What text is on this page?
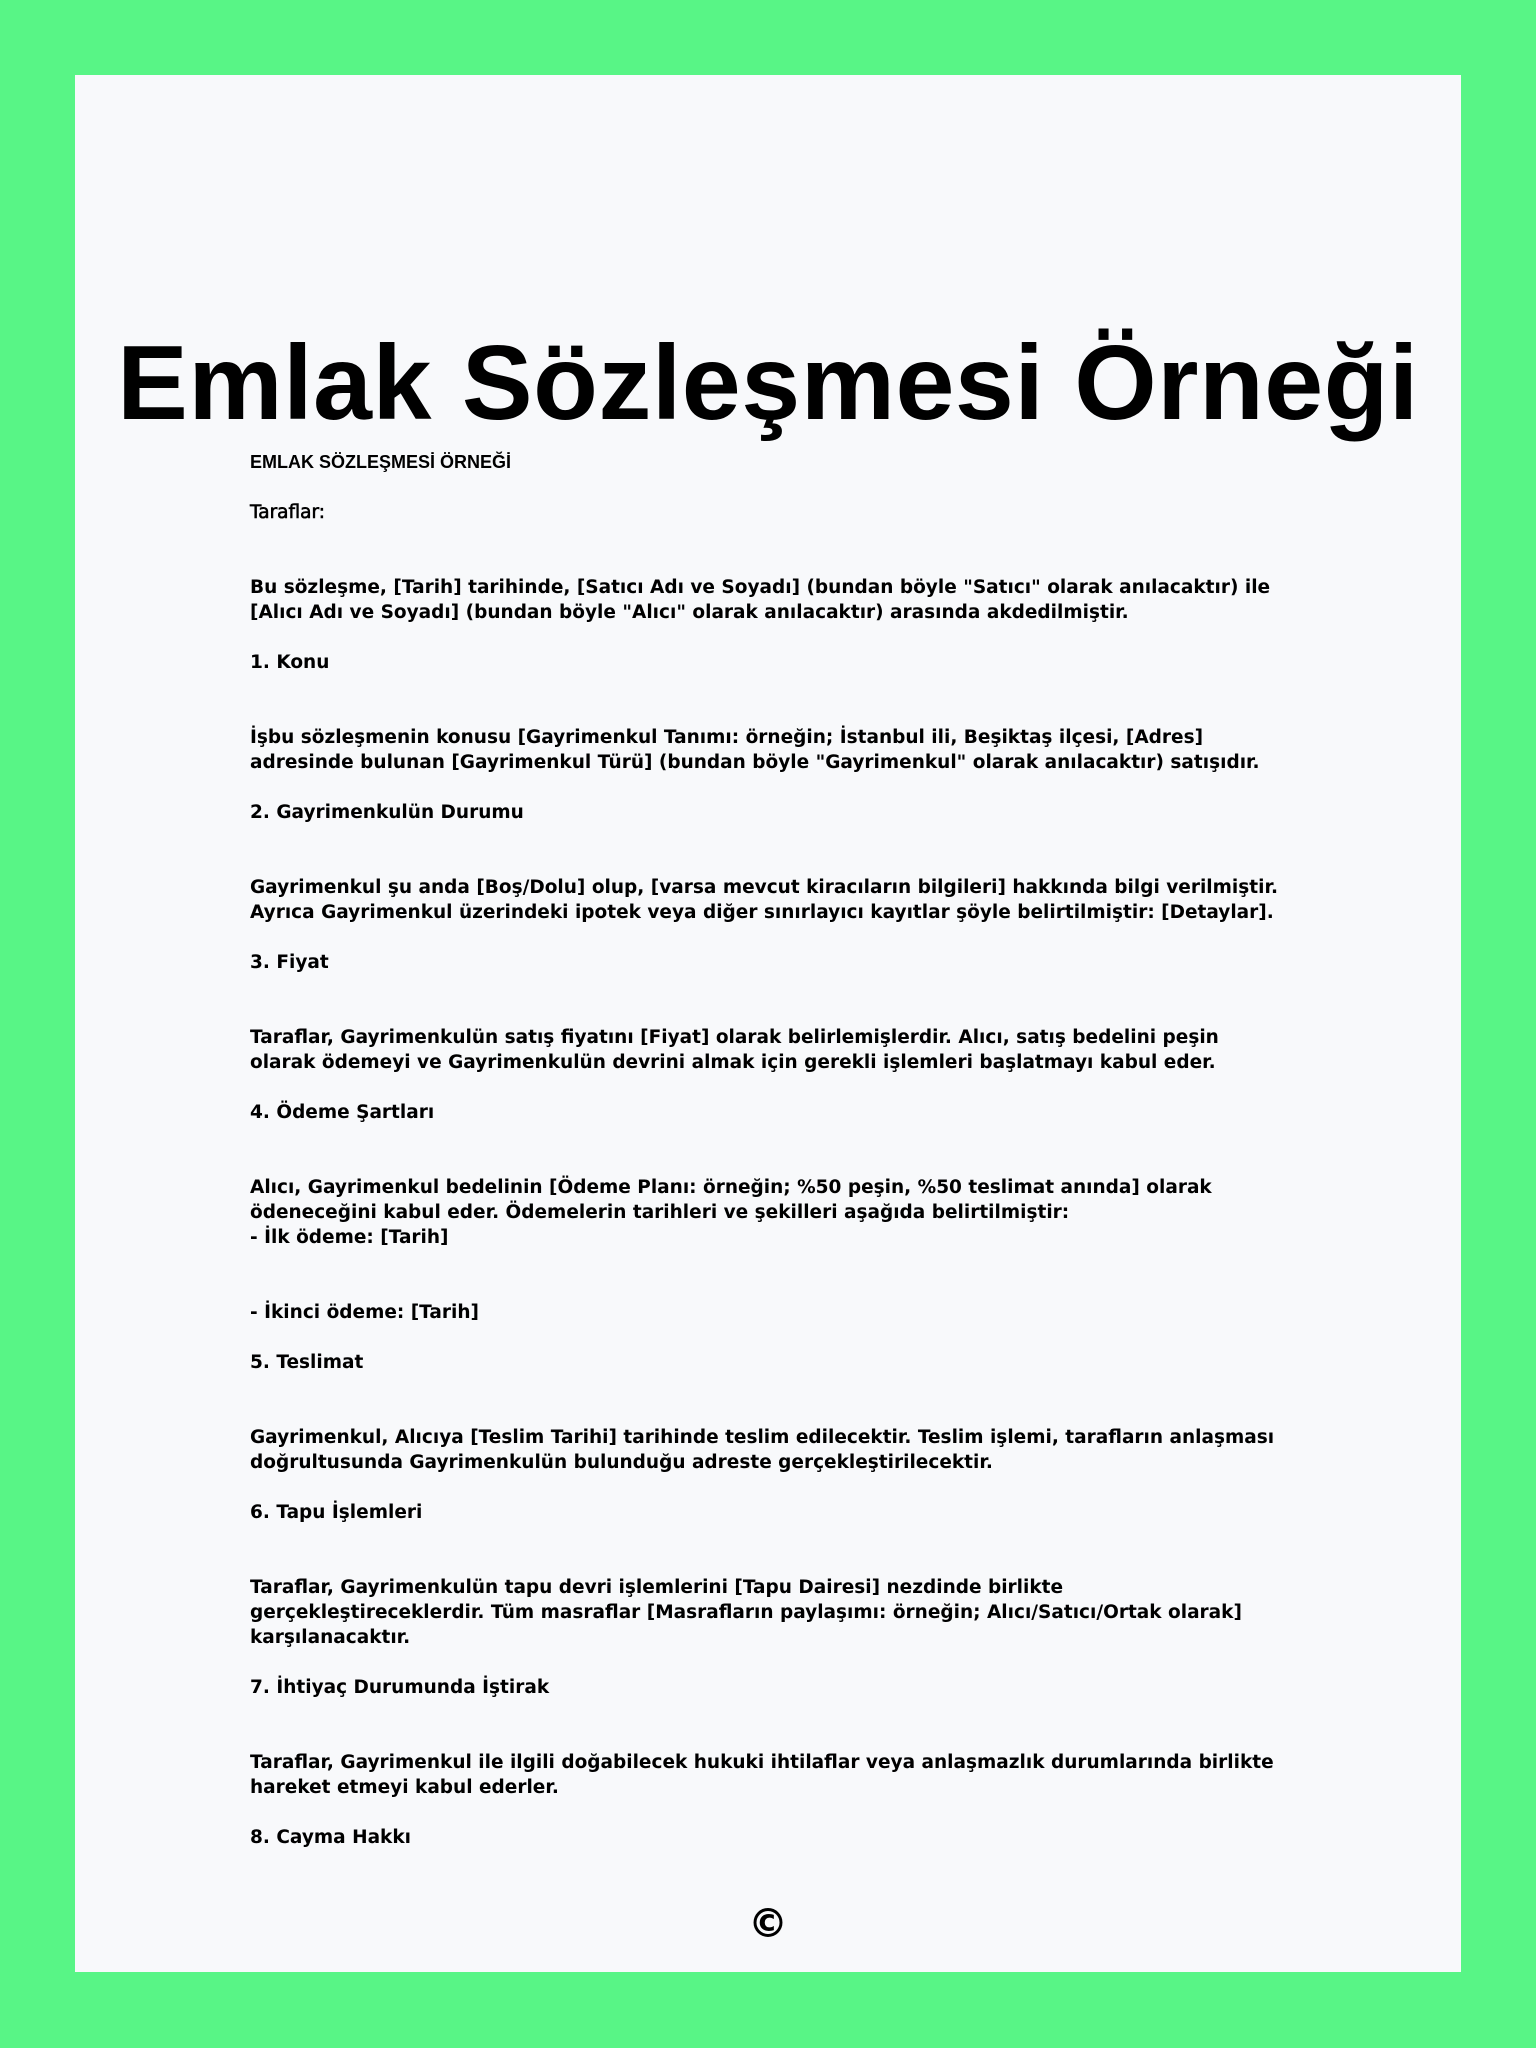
Emlak Sözleşmesi Örneği

EMLAK SÖZLEŞMESİ ÖRNEĞİ

Taraflar:

Bu sözleşme, [Tarih] tarihinde, [Satıcı Adı ve Soyadı] (bundan böyle "Satıcı" olarak anılacaktır) ile [Alıcı Adı ve Soyadı] (bundan böyle "Alıcı" olarak anılacaktır) arasında akdedilmiştir.

1. Konu

İşbu sözleşmenin konusu [Gayrimenkul Tanımı: örneğin; İstanbul ili, Beşiktaş ilçesi, [Adres] adresinde bulunan [Gayrimenkul Türü] (bundan böyle "Gayrimenkul" olarak anılacaktır) satışıdır.

2. Gayrimenkulün Durumu

Gayrimenkul şu anda [Boş/Dolu] olup, [varsa mevcut kiracıların bilgileri] hakkında bilgi verilmiştir. Ayrıca Gayrimenkul üzerindeki ipotek veya diğer sınırlayıcı kayıtlar şöyle belirtilmiştir: [Detaylar].

3. Fiyat

Taraflar, Gayrimenkulün satış fiyatını [Fiyat] olarak belirlemişlerdir. Alıcı, satış bedelini peşin olarak ödemeyi ve Gayrimenkulün devrini almak için gerekli işlemleri başlatmayı kabul eder.

4. Ödeme Şartları

Alıcı, Gayrimenkul bedelinin [Ödeme Planı: örneğin; %50 peşin, %50 teslimat anında] olarak ödeneceğini kabul eder. Ödemelerin tarihleri ve şekilleri aşağıda belirtilmiştir:

- İlk ödeme: [Tarih]

- İkinci ödeme: [Tarih]

5. Teslimat

Gayrimenkul, Alıcıya [Teslim Tarihi] tarihinde teslim edilecektir. Teslim işlemi, tarafların anlaşması doğrultusunda Gayrimenkulün bulunduğu adreste gerçekleştirilecektir.

6. Tapu İşlemleri

Taraflar, Gayrimenkulün tapu devri işlemlerini [Tapu Dairesi] nezdinde birlikte gerçekleştireceklerdir. Tüm masraflar [Masrafların paylaşımı: örneğin; Alıcı/Satıcı/Ortak olarak] karşılanacaktır.

7. İhtiyaç Durumunda İştirak

Taraflar, Gayrimenkul ile ilgili doğabilecek hukuki ihtilaflar veya anlaşmazlık durumlarında birlikte hareket etmeyi kabul ederler.

8. Cayma Hakkı

©
